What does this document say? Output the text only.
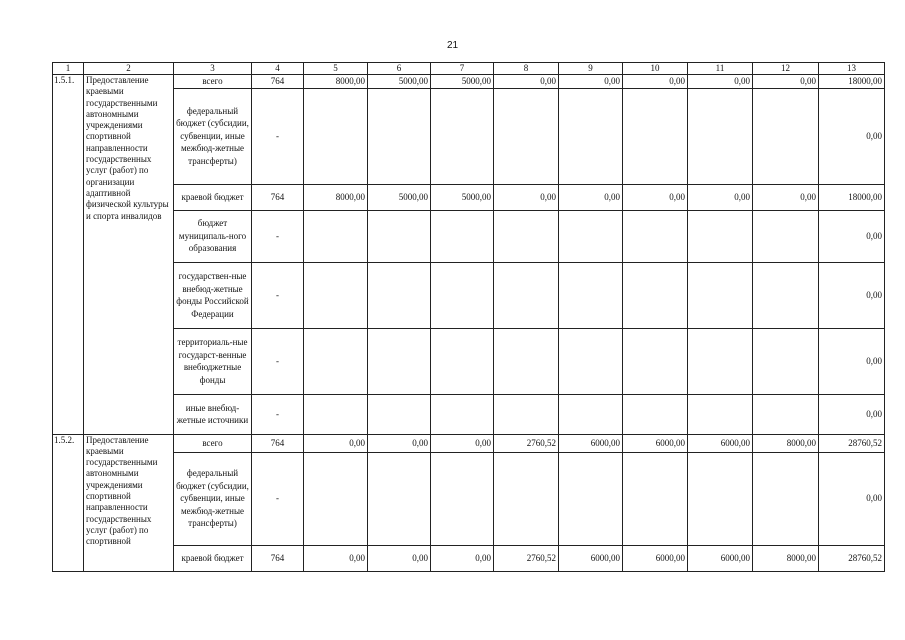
21
1	2	3	4	5	6	7	8	9	10	11	12	13
1.5.1.	Предоставление краевыми государственными автономными учреждениями спортивной направленности государственных услуг (работ) по организации адаптивной физической культуры и спорта инвалидов	всего	764	8000,00	5000,00	5000,00	0,00	0,00	0,00	0,00	0,00	18000,00
		федеральный бюджет (субсидии, субвенции, иные межбюд-жетные трансферты)	-									0,00
		краевой бюджет	764	8000,00	5000,00	5000,00	0,00	0,00	0,00	0,00	0,00	18000,00
		бюджет муниципаль-ного образования	-									0,00
		государствен-ные внебюд-жетные фонды Российской Федерации	-									0,00
		территориаль-ные государст-венные внебюджетные фонды	-									0,00
		иные внебюд-жетные источники	-									0,00
1.5.2.	Предоставление краевыми государственными автономными учреждениями спортивной направленности государственных услуг (работ) по спортивной	всего	764	0,00	0,00	0,00	2760,52	6000,00	6000,00	6000,00	8000,00	28760,52
		федеральный бюджет (субсидии, субвенции, иные межбюд-жетные трансферты)	-									0,00
		краевой бюджет	764	0,00	0,00	0,00	2760,52	6000,00	6000,00	6000,00	8000,00	28760,52
